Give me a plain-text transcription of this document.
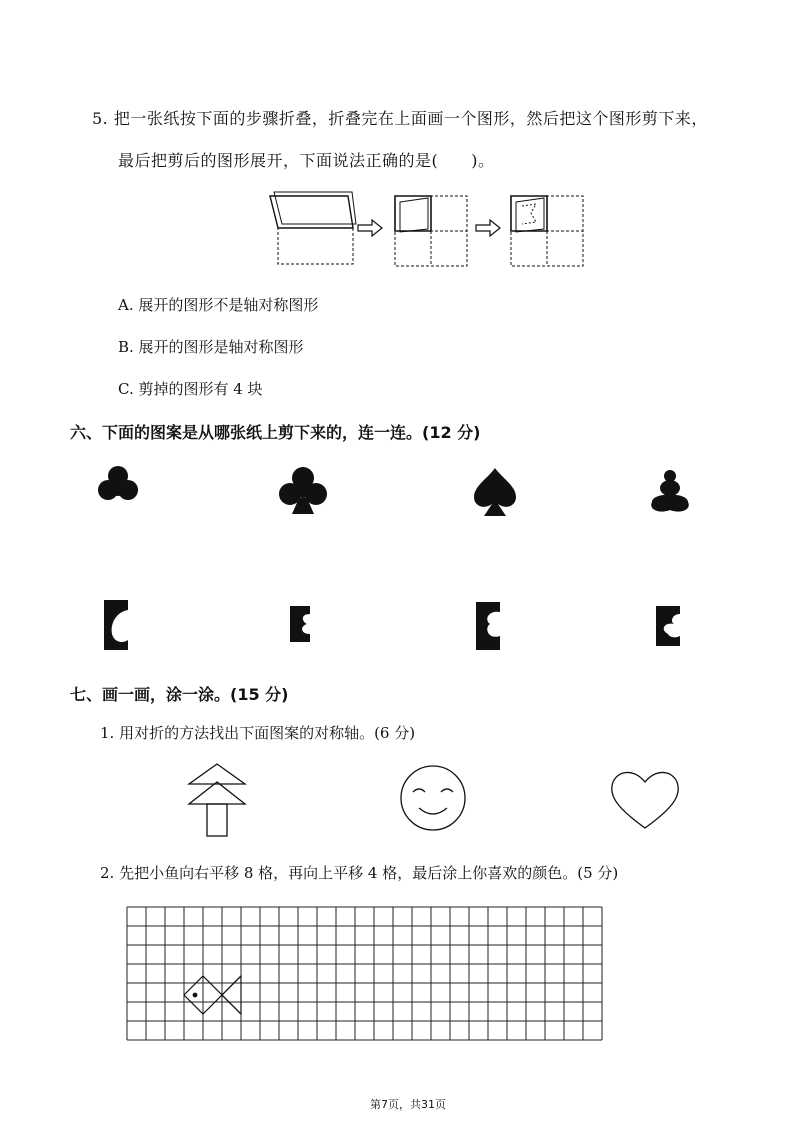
5. 把一张纸按下面的步骤折叠，折叠完在上面画一个图形，然后把这个图形剪下来，
最后把剪后的图形展开，下面说法正确的是(　　)。
A. 展开的图形不是轴对称图形
B. 展开的图形是轴对称图形
C. 剪掉的图形有 4 块
六、下面的图案是从哪张纸上剪下来的，连一连。(12 分)
七、画一画，涂一涂。(15 分)
1. 用对折的方法找出下面图案的对称轴。(6 分)
2. 先把小鱼向右平移 8 格，再向上平移 4 格，最后涂上你喜欢的颜色。(5 分)
第7页，共31页
